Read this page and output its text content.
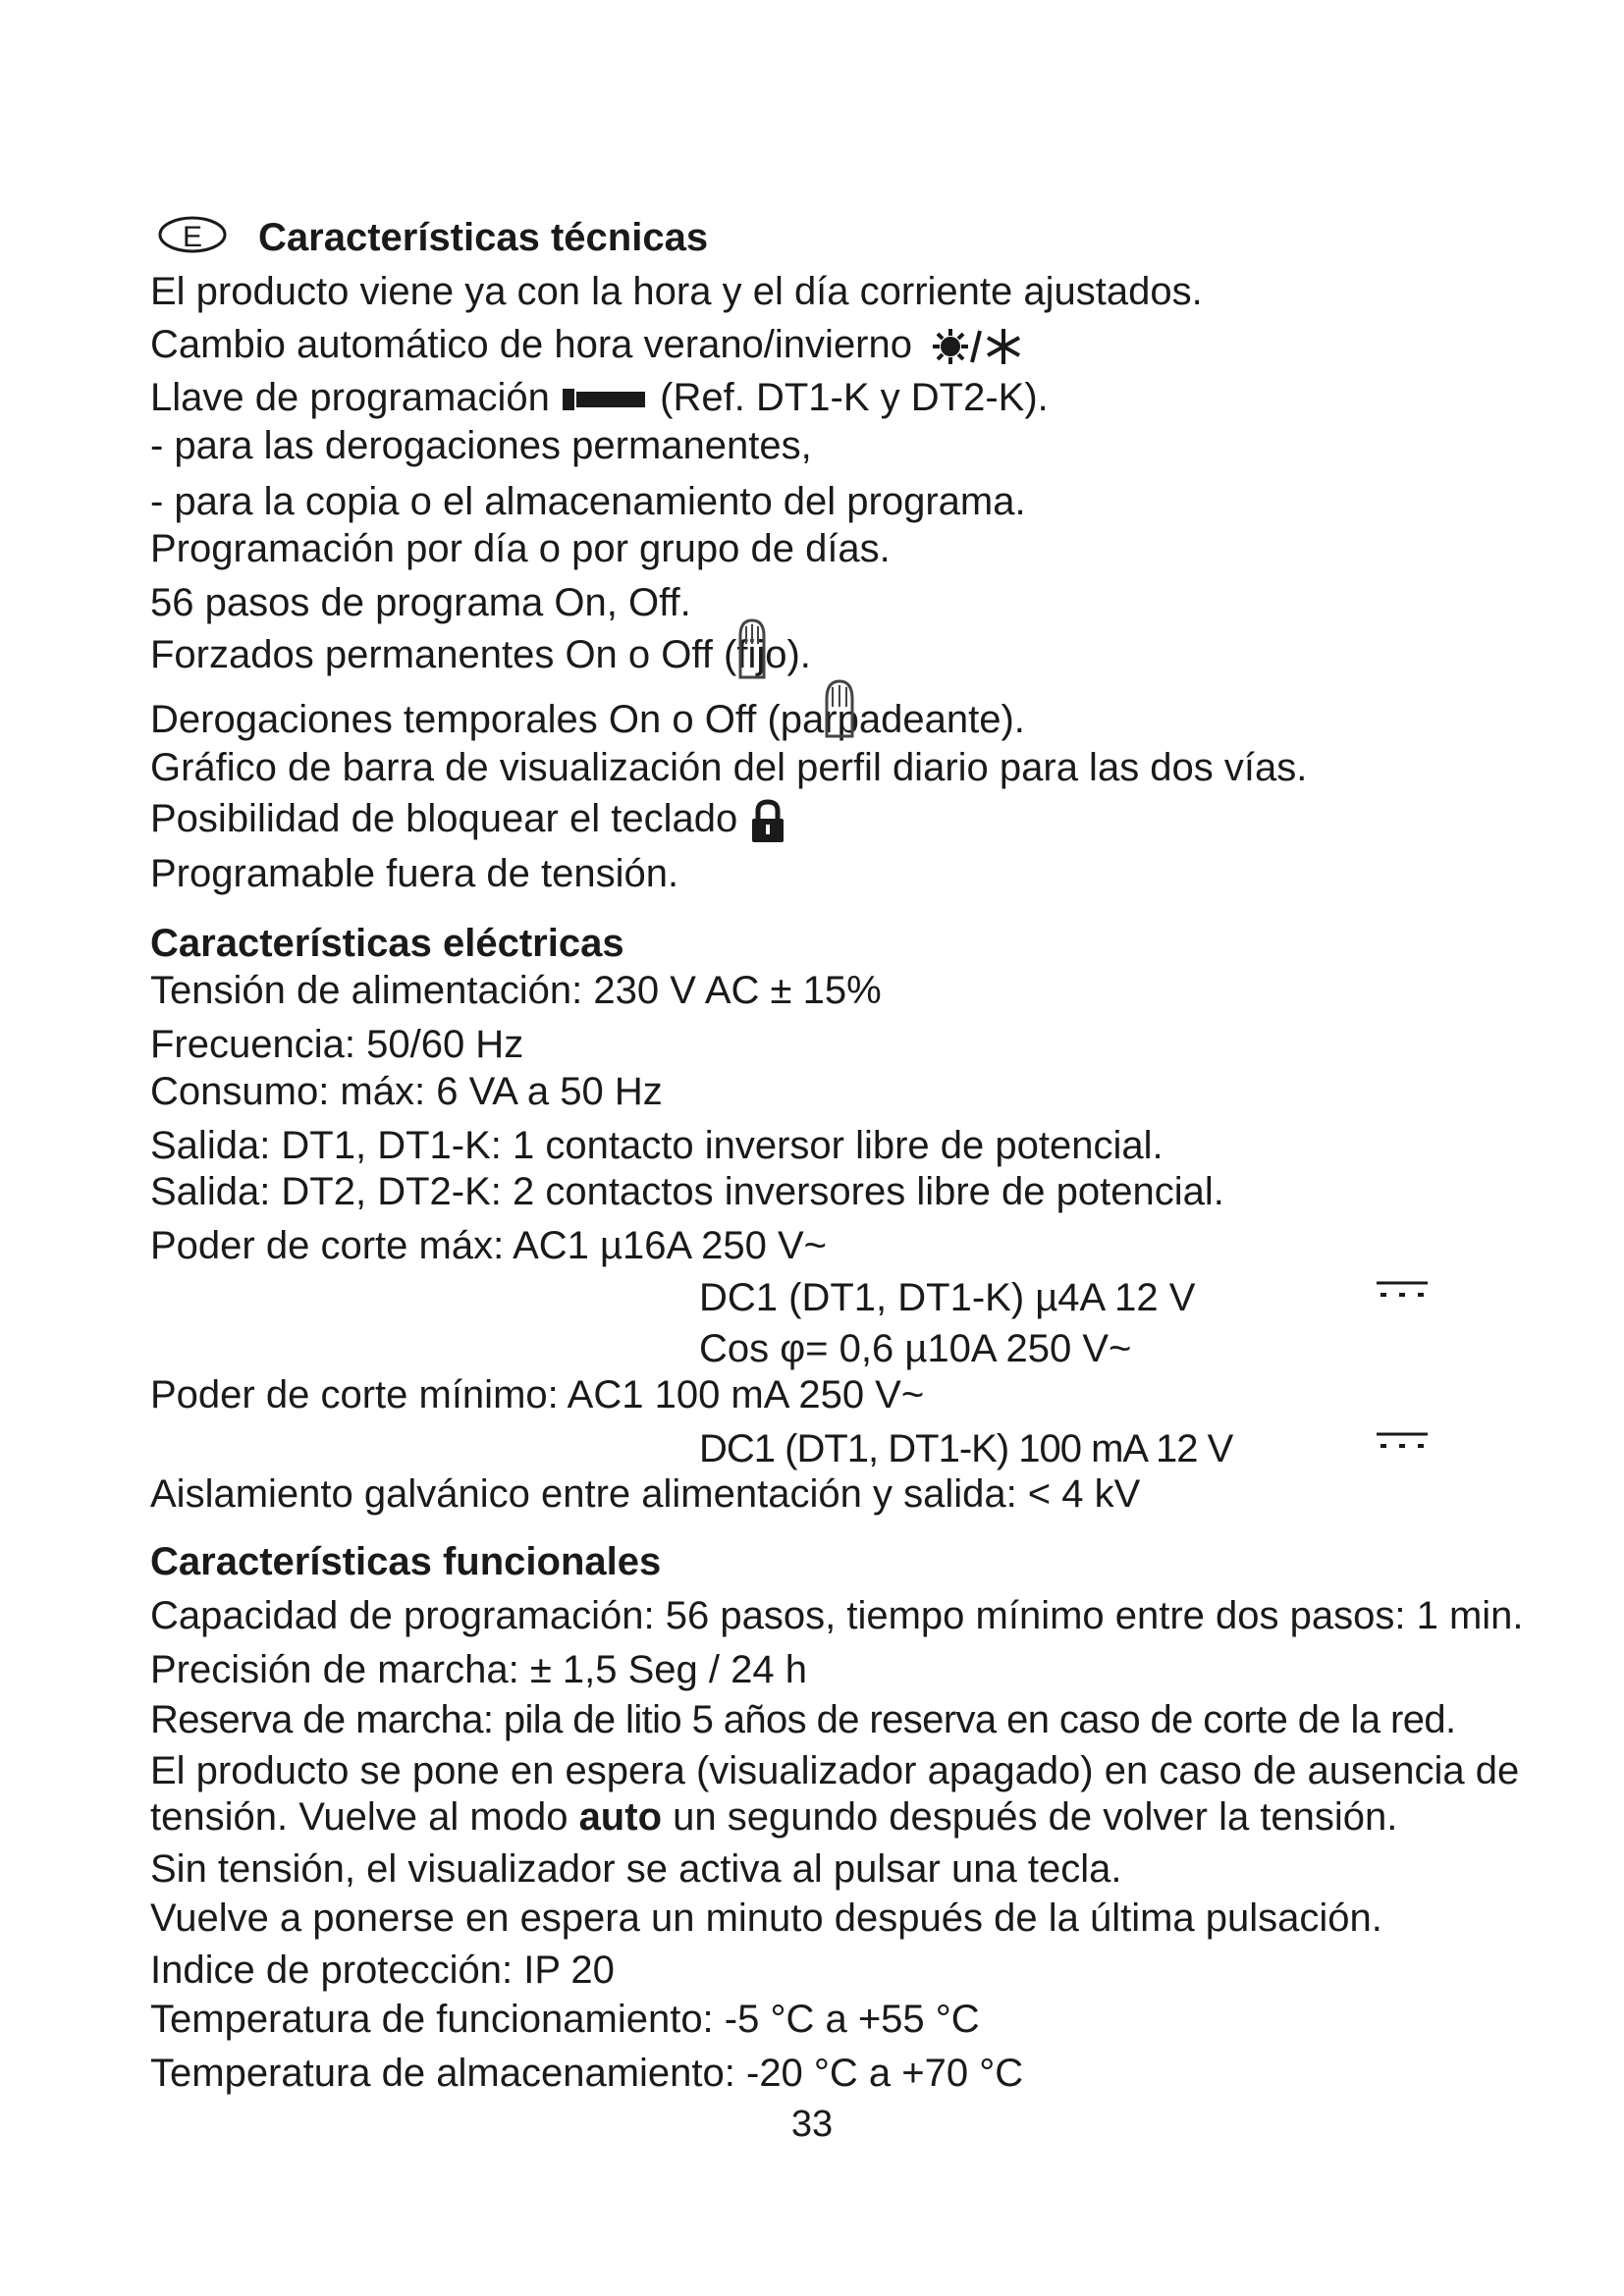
E Características técnicas
El producto viene ya con la hora y el día corriente ajustados.
Cambio automático de hora verano/invierno
Llave de programación	(Ref. DT1-K y DT2-K).
- para las derogaciones permanentes,
- para la copia o el almacenamiento del programa.
Programación por día o por grupo de días.
56 pasos de programa On, Off.
Forzados permanentes On o Off (fijo).
Derogaciones temporales On o Off (parpadeante).
Gráfico de barra de visualización del perfil diario para las dos vías.
Posibilidad de bloquear el teclado
Programable fuera de tensión.
Características eléctricas
Tensión de alimentación: 230 V AC ± 15%
Frecuencia: 50/60 Hz
Consumo: máx: 6 VA a 50 Hz
Salida: DT1, DT1-K: 1 contacto inversor libre de potencial.
Salida: DT2, DT2-K: 2 contactos inversores libre de potencial.
Poder de corte máx: AC1 µ16A 250 V~
DC1 (DT1, DT1-K) µ4A 12 V
Cos φ= 0,6 µ10A 250 V~
Poder de corte mínimo: AC1 100 mA 250 V~
DC1 (DT1, DT1-K) 100 mA 12 V
Aislamiento galvánico entre alimentación y salida: < 4 kV
Características funcionales
Capacidad de programación: 56 pasos, tiempo mínimo entre dos pasos: 1 min.
Precisión de marcha: ± 1,5 Seg / 24 h
Reserva de marcha: pila de litio 5 años de reserva en caso de corte de la red.
El producto se pone en espera (visualizador apagado) en caso de ausencia de
tensión. Vuelve al modo auto un segundo después de volver la tensión.
Sin tensión, el visualizador se activa al pulsar una tecla.
Vuelve a ponerse en espera un minuto después de la última pulsación.
Indice de protección: IP 20
Temperatura de funcionamiento: -5 °C a +55 °C
Temperatura de almacenamiento: -20 °C a +70 °C
33
